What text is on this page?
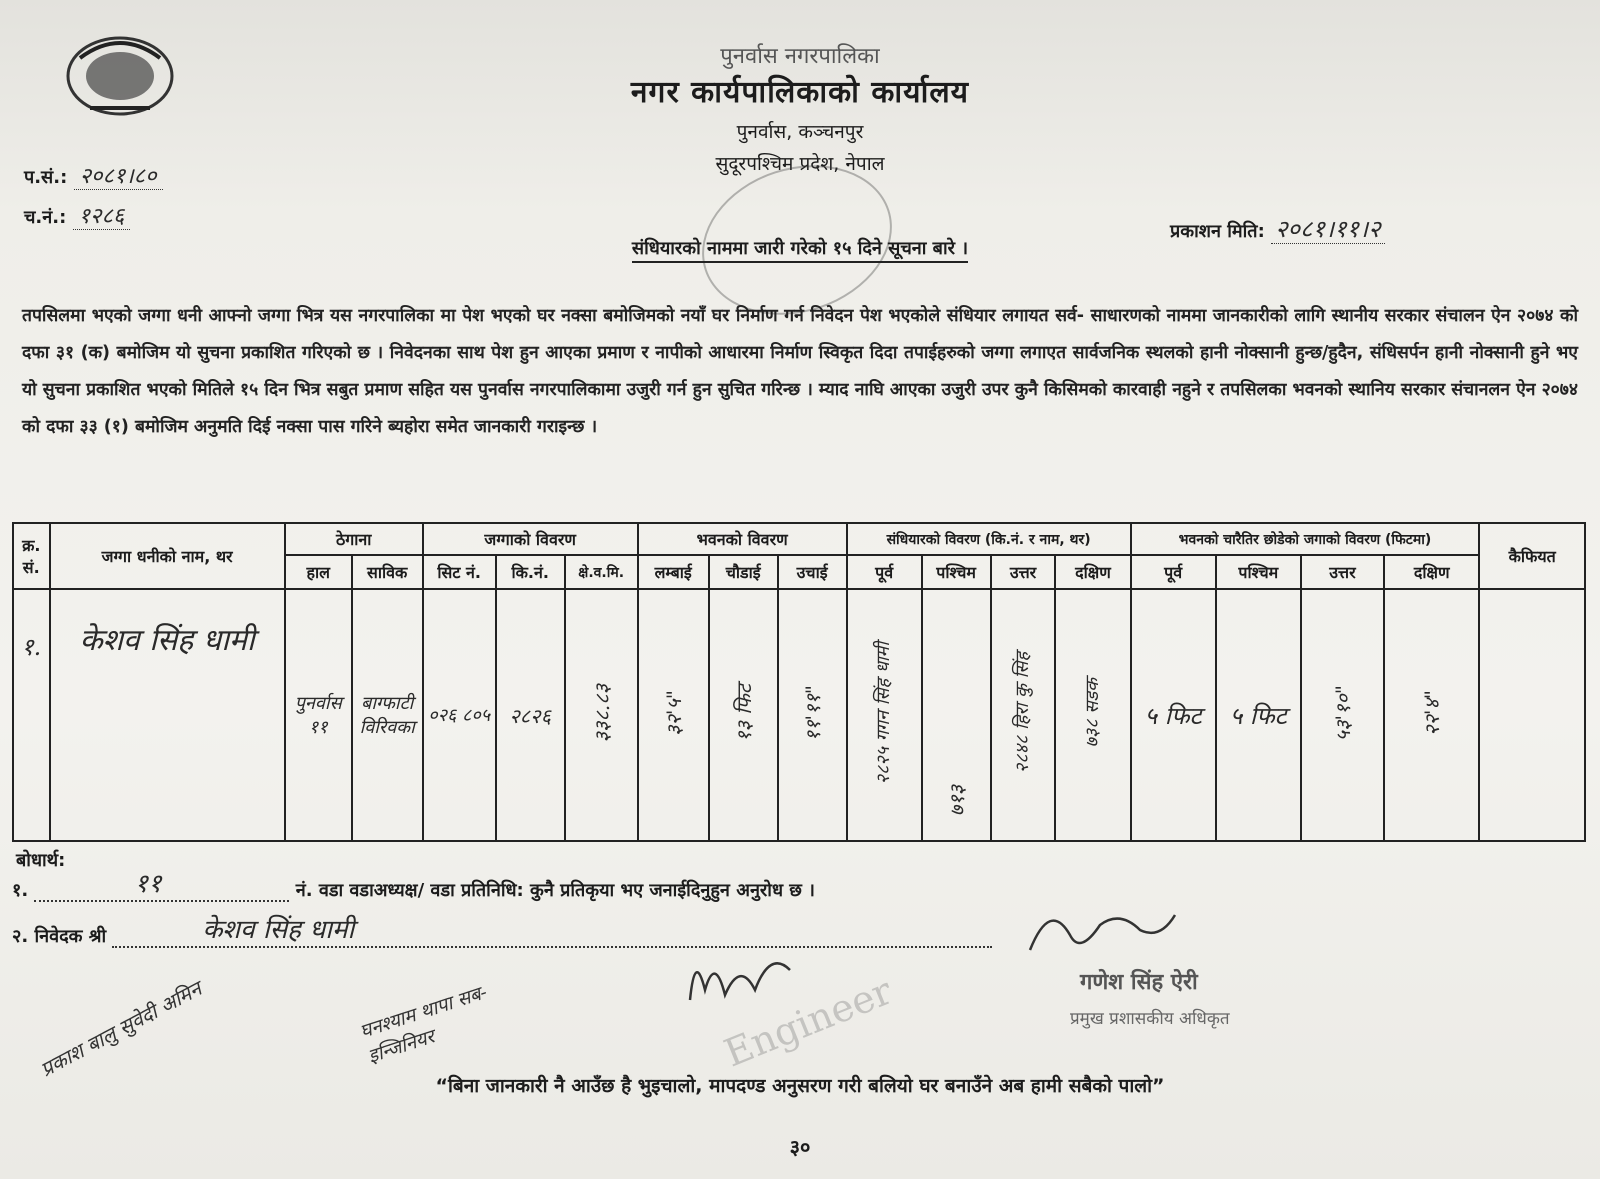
पुनर्वास नगरपालिका
नगर कार्यपालिकाको कार्यालय
पुनर्वास, कञ्चनपुर
सुदूरपश्चिम प्रदेश, नेपाल
प.सं.: २०८१।८०
च.नं.: १२८६
प्रकाशन मिति: २०८१।११।२
संधियारको नाममा जारी गरेको १५ दिने सूचना बारे ।
तपसिलमा भएको जग्गा धनी आफ्नो जग्गा भित्र यस नगरपालिका मा पेश भएको घर नक्सा बमोजिमको नयाँ घर निर्माण गर्न निवेदन पेश भएकोले संधियार लगायत सर्व- साधारणको नाममा जानकारीको लागि स्थानीय सरकार संचालन ऐन २०७४ को दफा ३१ (क) बमोजिम यो सुचना प्रकाशित गरिएको छ । निवेदनका साथ पेश हुन आएका प्रमाण र नापीको आधारमा निर्माण स्विकृत दिदा तपाईहरुको जग्गा लगाएत सार्वजनिक स्थलको हानी नोक्सानी हुन्छ/हुदैन, संधिसर्पन हानी नोक्सानी हुने भए यो सुचना प्रकाशित भएको मितिले १५ दिन भित्र सबुत प्रमाण सहित यस पुनर्वास नगरपालिकामा उजुरी गर्न हुन सुचित गरिन्छ । म्याद नाघि आएका उजुरी उपर कुनै किसिमको कारवाही नहुने र तपसिलका भवनको स्थानिय सरकार संचानलन ऐन २०७४ को दफा ३३ (१) बमोजिम अनुमति दिई नक्सा पास गरिने ब्यहोरा समेत जानकारी गराइन्छ ।
क्र. सं.	जग्गा धनीको नाम, थर	ठेगाना		जग्गाको विवरण			भवनको विवरण			संधियारको विवरण (कि.नं. र नाम, थर)				भवनको चारैतिर छोडेको जगाको विवरण (फिटमा)				कैफियत
		हाल	साविक	सिट नं.	कि.नं.	क्षे.व.मि.	लम्बाई	चौडाई	उचाई	पूर्व	पश्चिम	उत्तर	दक्षिण	पूर्व	पश्चिम	उत्तर	दक्षिण	
१.	केशव सिंह धामी	पुनर्वास ११	बाग्फाटी विरिवका	०२६ ८०५	२८२६	३३८.८३	३२'५"	१३ फिट	११'११"	२८२५ गगन सिंह धामी	७१३	२८४८ हिरा कु सिंह	७३८ सडक	५ फिट	५ फिट	५३'१०"	२२'४"	
बोधार्थ:
१.	११	नं. वडा वडाअध्यक्ष/ वडा प्रतिनिधि: कुनै प्रतिकृया भए जनाईदिनुहुन अनुरोध छ ।
२. निवेदक श्री	केशव सिंह धामी
प्रकाश बालु सुवेदी अमिन	घनश्याम थापा सब-इन्जिनियर	Engineer	गणेश सिंह ऐरी
प्रमुख प्रशासकीय अधिकृत
“बिना जानकारी नै आउँछ है भुइचालो, मापदण्ड अनुसरण गरी बलियो घर बनाउँने अब हामी सबैको पालो”
३०
